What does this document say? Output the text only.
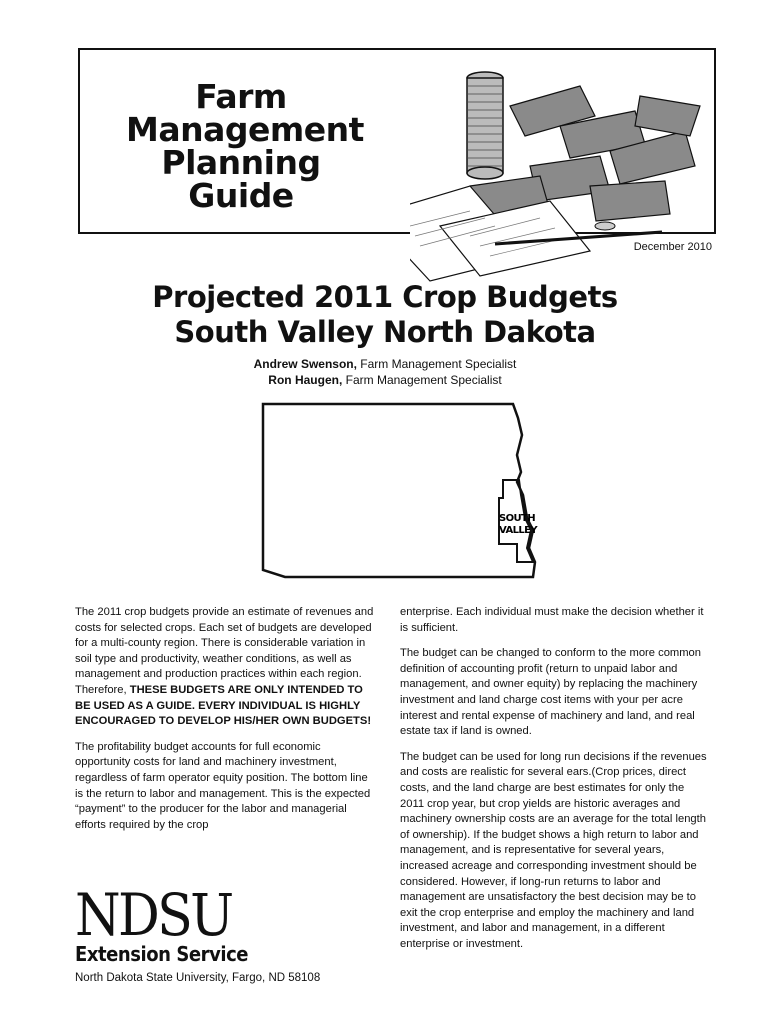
Farm
Management
Planning
Guide
December 2010
Projected 2011 Crop Budgets
South Valley North Dakota
Andrew Swenson, Farm Management Specialist
Ron Haugen, Farm Management Specialist
SOUTH
VALLEY

The 2011 crop budgets provide an estimate of revenues and costs for selected crops. Each set of budgets are developed for a multi-county region. There is considerable variation in soil type and productivity, weather conditions, as well as management and production practices within each region. Therefore, THESE BUDGETS ARE ONLY INTENDED TO BE USED AS A GUIDE. EVERY INDIVIDUAL IS HIGHLY ENCOURAGED TO DEVELOP HIS/HER OWN BUDGETS!

The profitability budget accounts for full economic opportunity costs for land and machinery investment, regardless of farm operator equity position. The bottom line is the return to labor and management. This is the expected “payment” to the producer for the labor and managerial efforts required by the crop

enterprise. Each individual must make the decision whether it is sufficient.

The budget can be changed to conform to the more common definition of accounting profit (return to unpaid labor and management, and owner equity) by replacing the machinery investment and land charge cost items with your per acre interest and rental expense of machinery and land, and real estate tax if land is owned.

The budget can be used for long run decisions if the revenues and costs are realistic for several ears.(Crop prices, direct costs, and the land charge are best estimates for only the 2011 crop year, but crop yields are historic averages and machinery ownership costs are an average for the total length of ownership). If the budget shows a high return to labor and management, and is representative for several years, increased acreage and corresponding investment should be considered. However, if long-run returns to labor and management are unsatisfactory the best decision may be to exit the crop enterprise and employ the machinery and land investment, and labor and management, in a different enterprise or investment.

NDSU
Extension Service
North Dakota State University, Fargo, ND 58108
